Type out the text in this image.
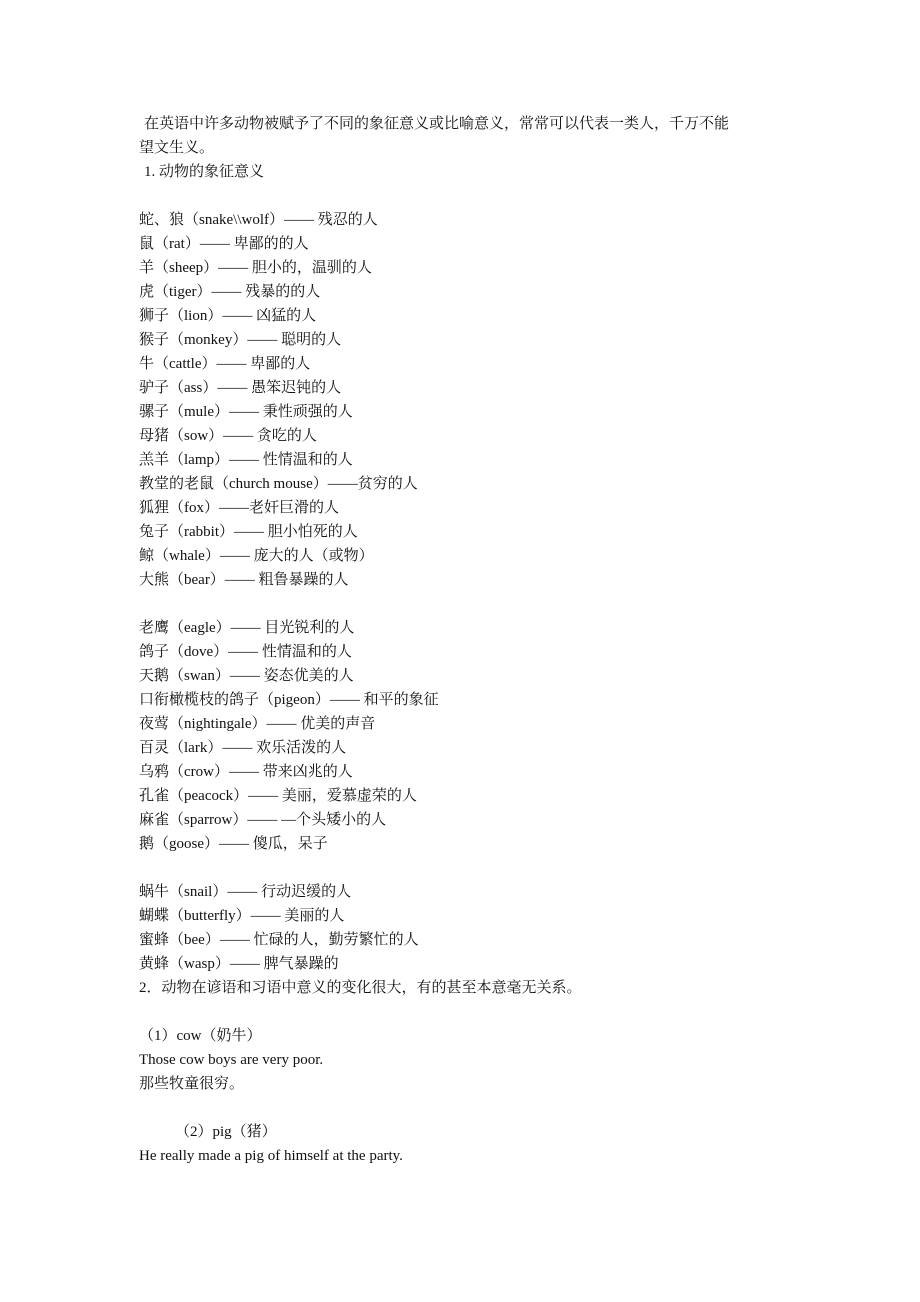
在英语中许多动物被赋予了不同的象征意义或比喻意义，常常可以代表一类人，千万不能
望文生义。
1. 动物的象征意义
蛇、狼（snake\\wolf）—— 残忍的人
鼠（rat）—— 卑鄙的的人
羊（sheep）—— 胆小的，温驯的人
虎（tiger）—— 残暴的的人
狮子（lion）—— 凶猛的人
猴子（monkey）—— 聪明的人
牛（cattle）—— 卑鄙的人
驴子（ass）—— 愚笨迟钝的人
骡子（mule）—— 秉性顽强的人
母猪（sow）—— 贪吃的人
羔羊（lamp）—— 性情温和的人
教堂的老鼠（church mouse）——贫穷的人
狐狸（fox）——老奸巨滑的人
兔子（rabbit）—— 胆小怕死的人
鲸（whale）—— 庞大的人（或物）
大熊（bear）—— 粗鲁暴躁的人
老鹰（eagle）—— 目光锐利的人
鸽子（dove）—— 性情温和的人
天鹅（swan）—— 姿态优美的人
口衔橄榄枝的鸽子（pigeon）—— 和平的象征
夜莺（nightingale）—— 优美的声音
百灵（lark）—— 欢乐活泼的人
乌鸦（crow）—— 带来凶兆的人
孔雀（peacock）—— 美丽，爱慕虚荣的人
麻雀（sparrow）—— —个头矮小的人
鹅（goose）—— 傻瓜，呆子
蜗牛（snail）—— 行动迟缓的人
蝴蝶（butterfly）—— 美丽的人
蜜蜂（bee）—— 忙碌的人，勤劳繁忙的人
黄蜂（wasp）—— 脾气暴躁的
2．动物在谚语和习语中意义的变化很大，有的甚至本意毫无关系。
（1）cow（奶牛）
Those cow boys are very poor.
那些牧童很穷。
（2）pig（猪）
He really made a pig of himself at the party.
